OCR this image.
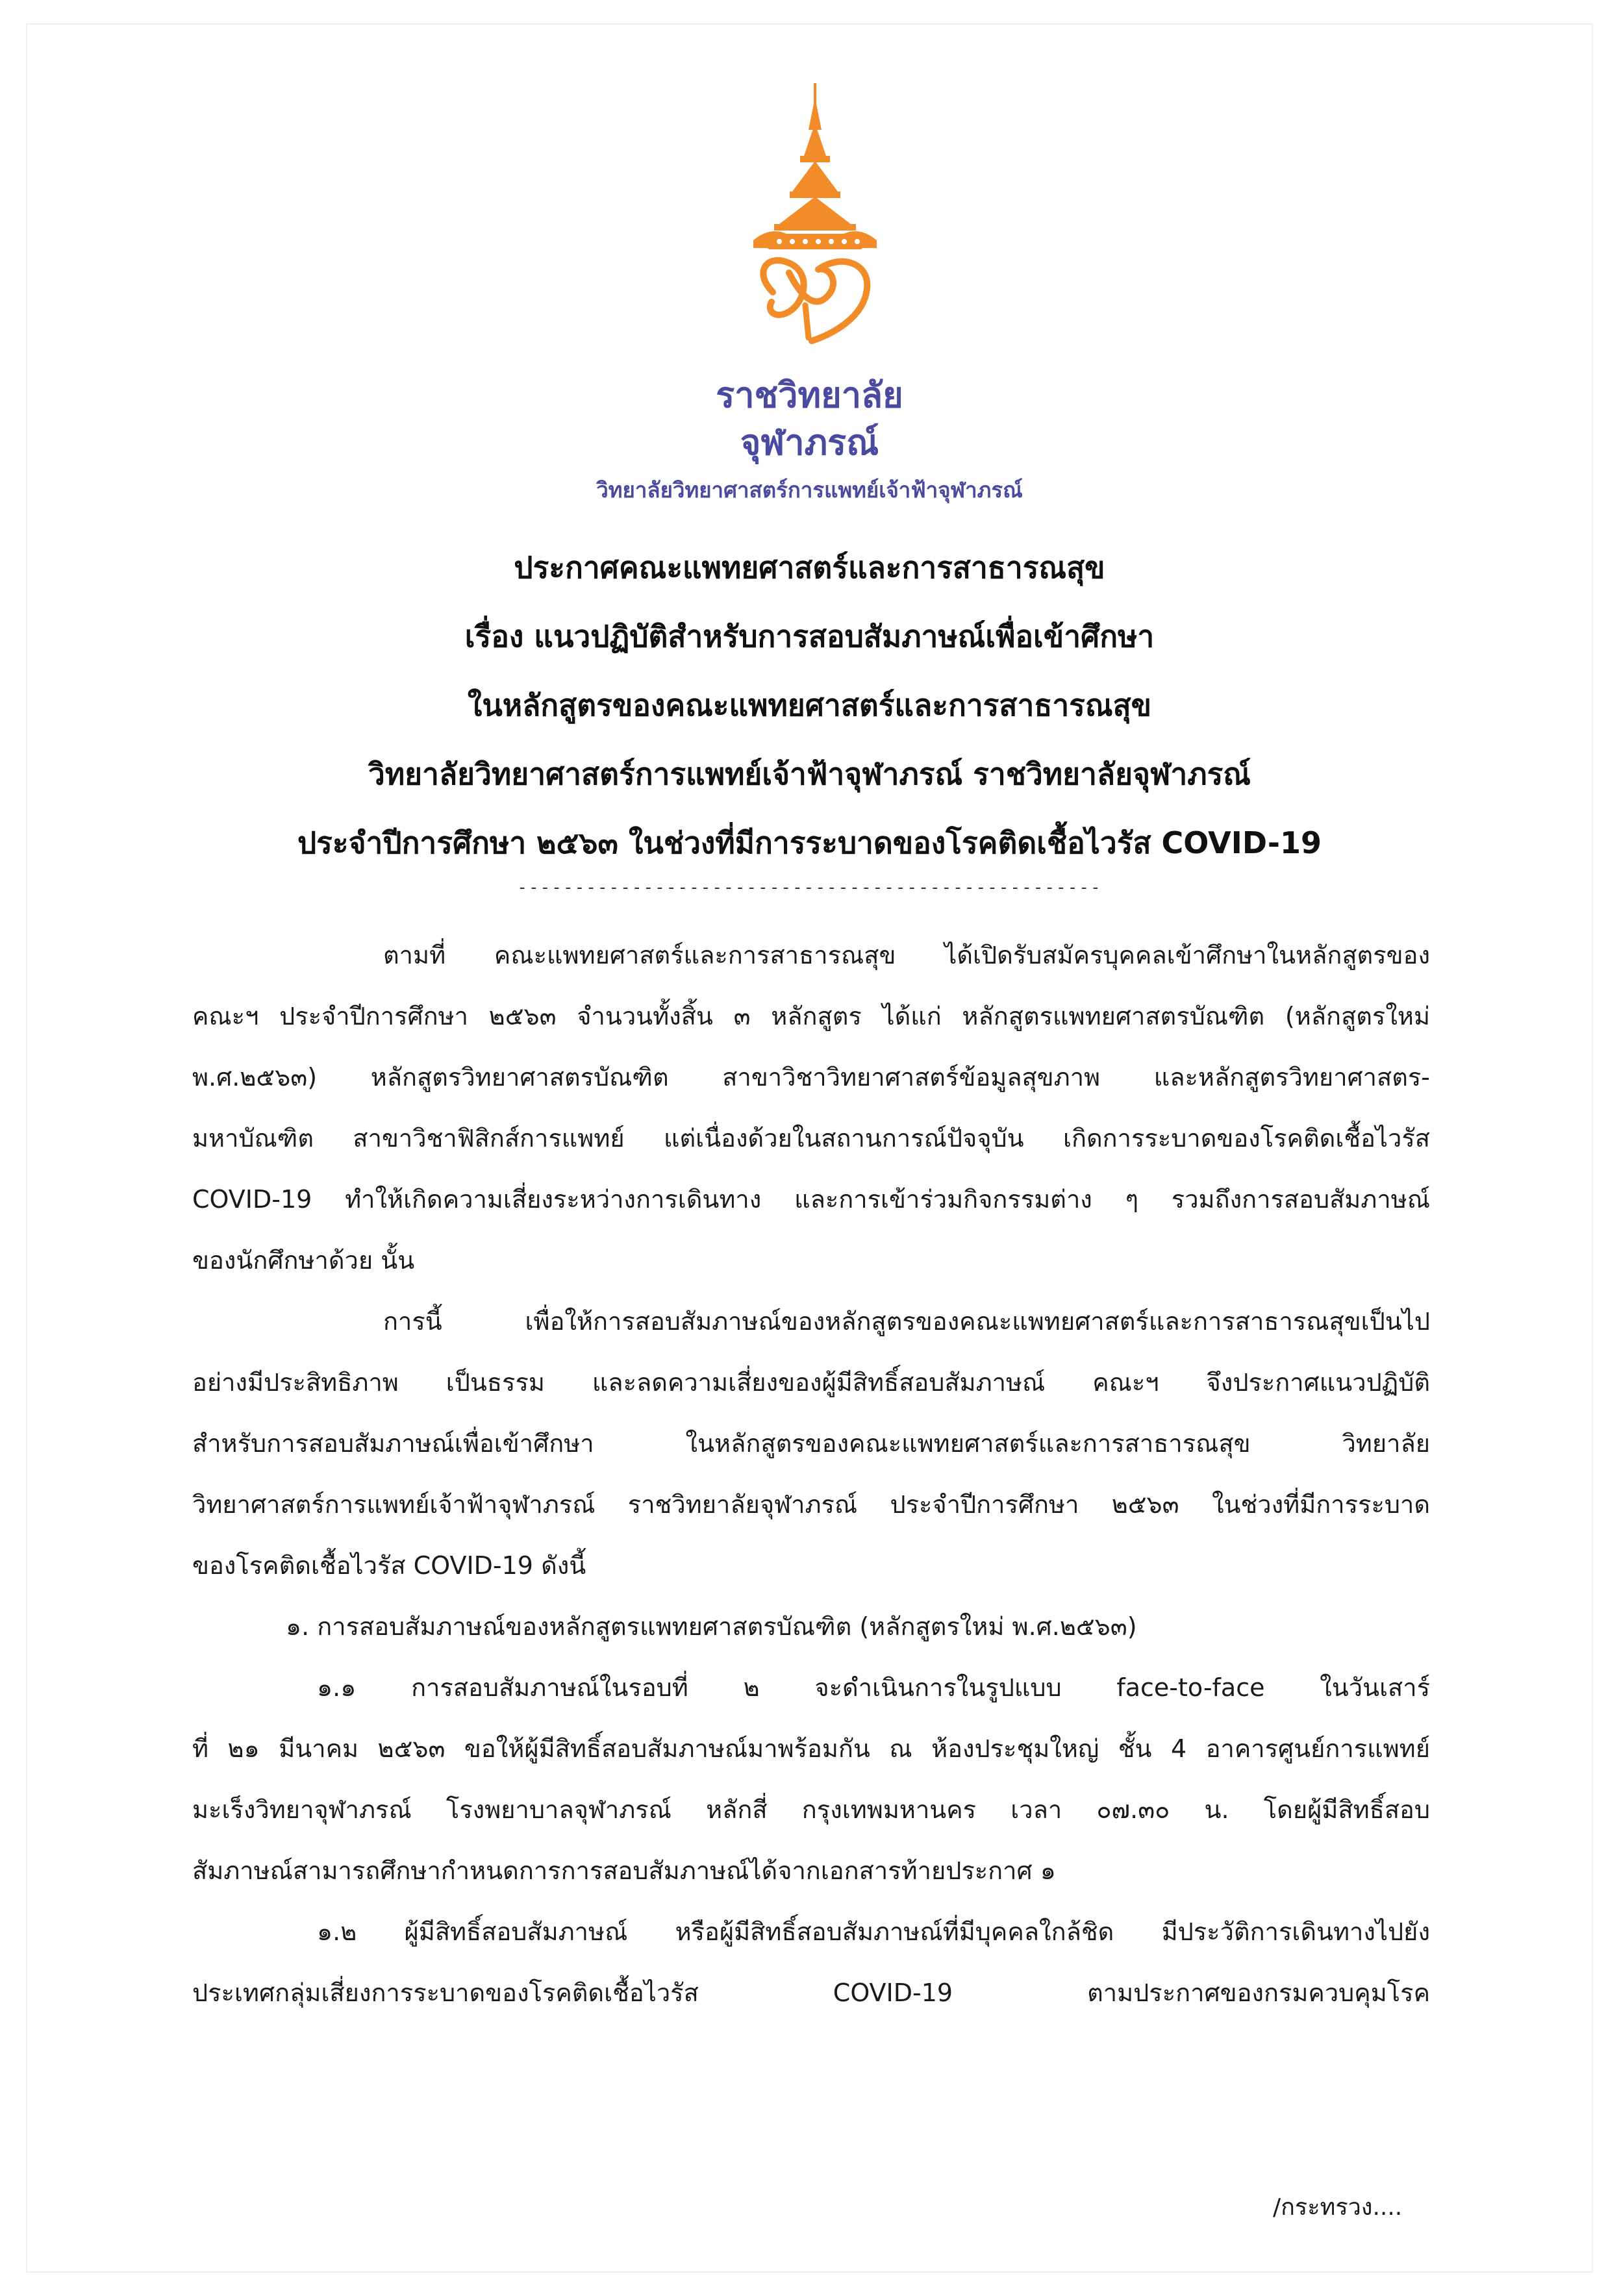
ราชวิทยาลัย
จุฬาภรณ์
วิทยาลัยวิทยาศาสตร์การแพทย์เจ้าฟ้าจุฬาภรณ์
ประกาศคณะแพทยศาสตร์และการสาธารณสุข
เรื่อง แนวปฏิบัติสำหรับการสอบสัมภาษณ์เพื่อเข้าศึกษา
ในหลักสูตรของคณะแพทยศาสตร์และการสาธารณสุข
วิทยาลัยวิทยาศาสตร์การแพทย์เจ้าฟ้าจุฬาภรณ์ ราชวิทยาลัยจุฬาภรณ์
ประจำปีการศึกษา ๒๕๖๓ ในช่วงที่มีการระบาดของโรคติดเชื้อไวรัส COVID-19
---------------------------------------------------
ตามที่ คณะแพทยศาสตร์และการสาธารณสุข ได้เปิดรับสมัครบุคคลเข้าศึกษาในหลักสูตรของ
คณะฯ ประจำปีการศึกษา ๒๕๖๓ จำนวนทั้งสิ้น ๓ หลักสูตร ได้แก่ หลักสูตรแพทยศาสตรบัณฑิต (หลักสูตรใหม่
พ.ศ.๒๕๖๓) หลักสูตรวิทยาศาสตรบัณฑิต สาขาวิชาวิทยาศาสตร์ข้อมูลสุขภาพ และหลักสูตรวิทยาศาสตร-
มหาบัณฑิต สาขาวิชาฟิสิกส์การแพทย์ แต่เนื่องด้วยในสถานการณ์ปัจจุบัน เกิดการระบาดของโรคติดเชื้อไวรัส
COVID-19 ทำให้เกิดความเสี่ยงระหว่างการเดินทาง และการเข้าร่วมกิจกรรมต่าง ๆ รวมถึงการสอบสัมภาษณ์
ของนักศึกษาด้วย นั้น
การนี้ เพื่อให้การสอบสัมภาษณ์ของหลักสูตรของคณะแพทยศาสตร์และการสาธารณสุขเป็นไป
อย่างมีประสิทธิภาพ เป็นธรรม และลดความเสี่ยงของผู้มีสิทธิ์สอบสัมภาษณ์ คณะฯ จึงประกาศแนวปฏิบัติ
สำหรับการสอบสัมภาษณ์เพื่อเข้าศึกษา ในหลักสูตรของคณะแพทยศาสตร์และการสาธารณสุข วิทยาลัย
วิทยาศาสตร์การแพทย์เจ้าฟ้าจุฬาภรณ์ ราชวิทยาลัยจุฬาภรณ์ ประจำปีการศึกษา ๒๕๖๓ ในช่วงที่มีการระบาด
ของโรคติดเชื้อไวรัส COVID-19 ดังนี้
๑. การสอบสัมภาษณ์ของหลักสูตรแพทยศาสตรบัณฑิต (หลักสูตรใหม่ พ.ศ.๒๕๖๓)
๑.๑ การสอบสัมภาษณ์ในรอบที่ ๒ จะดำเนินการในรูปแบบ face-to-face ในวันเสาร์
ที่ ๒๑ มีนาคม ๒๕๖๓ ขอให้ผู้มีสิทธิ์สอบสัมภาษณ์มาพร้อมกัน ณ ห้องประชุมใหญ่ ชั้น 4 อาคารศูนย์การแพทย์
มะเร็งวิทยาจุฬาภรณ์ โรงพยาบาลจุฬาภรณ์ หลักสี่ กรุงเทพมหานคร เวลา ๐๗.๓๐ น. โดยผู้มีสิทธิ์สอบ
สัมภาษณ์สามารถศึกษากำหนดการการสอบสัมภาษณ์ได้จากเอกสารท้ายประกาศ ๑
๑.๒ ผู้มีสิทธิ์สอบสัมภาษณ์ หรือผู้มีสิทธิ์สอบสัมภาษณ์ที่มีบุคคลใกล้ชิด มีประวัติการเดินทางไปยัง
ประเทศกลุ่มเสี่ยงการระบาดของโรคติดเชื้อไวรัส COVID-19 ตามประกาศของกรมควบคุมโรค
/กระทรวง....
